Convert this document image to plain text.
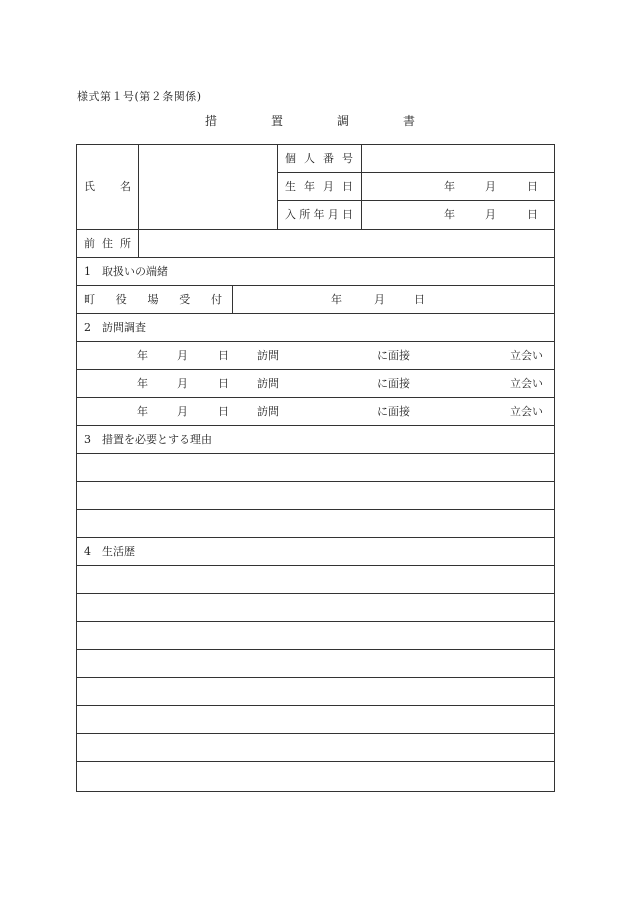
様式第１号(第２条関係)
措	置	調	書
氏 名
個 人 番 号
生 年 月 日	年	月	日
入 所 年 月 日	年	月	日
前 住 所
1　取扱いの端緒
町 役 場 受 付	年	月	日
2　訪問調査
年	月	日	訪問	に面接	立会い
年	月	日	訪問	に面接	立会い
年	月	日	訪問	に面接	立会い
3　措置を必要とする理由
4　生活歴
